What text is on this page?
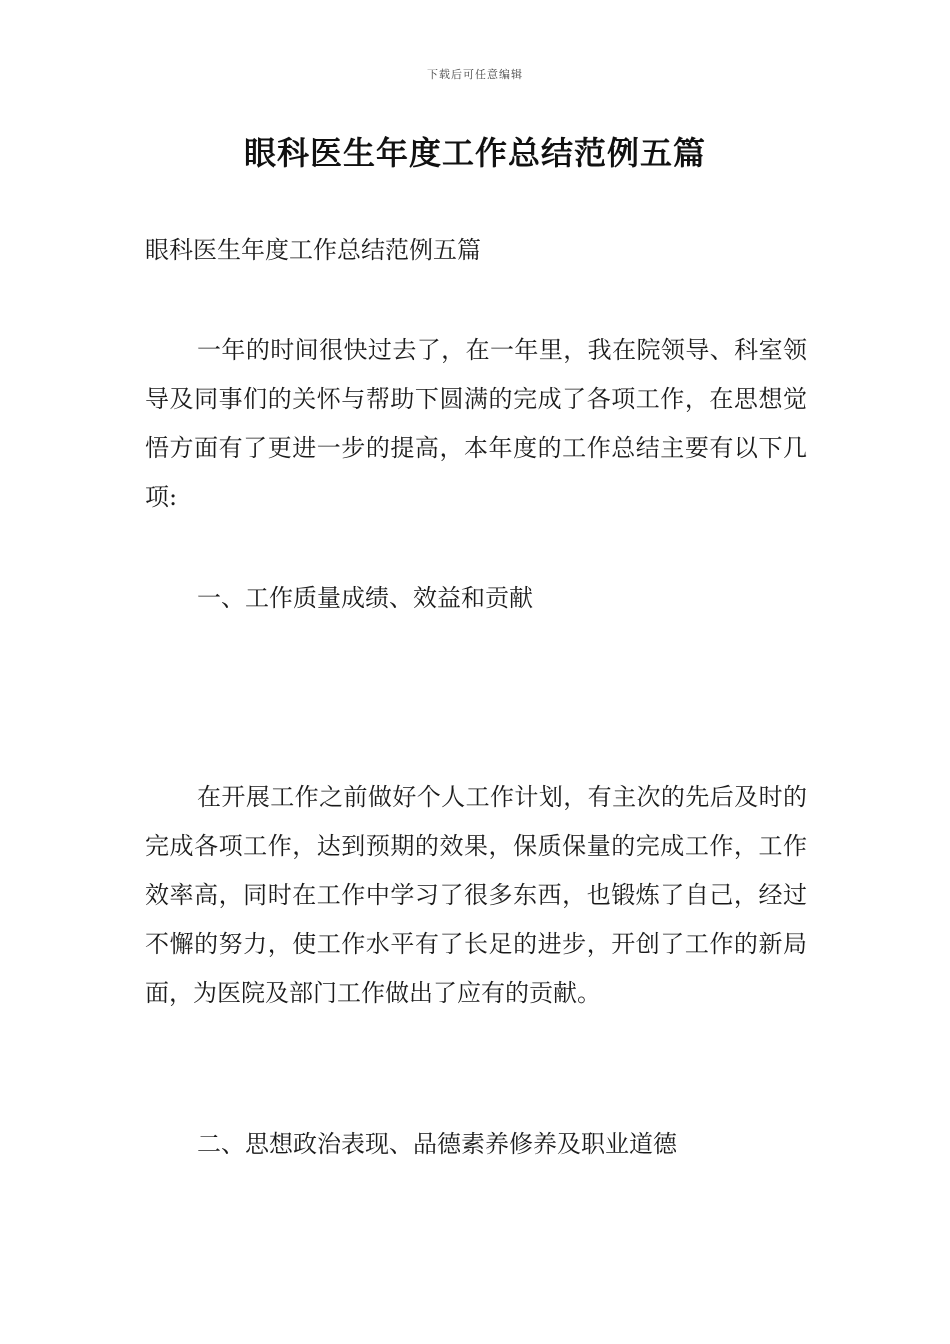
下载后可任意编辑
眼科医生年度工作总结范例五篇
眼科医生年度工作总结范例五篇

一年的时间很快过去了，在一年里，我在院领导、科室领导及同事们的关怀与帮助下圆满的完成了各项工作，在思想觉悟方面有了更进一步的提高，本年度的工作总结主要有以下几项:

一、工作质量成绩、效益和贡献

在开展工作之前做好个人工作计划，有主次的先后及时的完成各项工作，达到预期的效果，保质保量的完成工作，工作效率高，同时在工作中学习了很多东西，也锻炼了自己，经过不懈的努力，使工作水平有了长足的进步，开创了工作的新局面，为医院及部门工作做出了应有的贡献。

二、思想政治表现、品德素养修养及职业道德
